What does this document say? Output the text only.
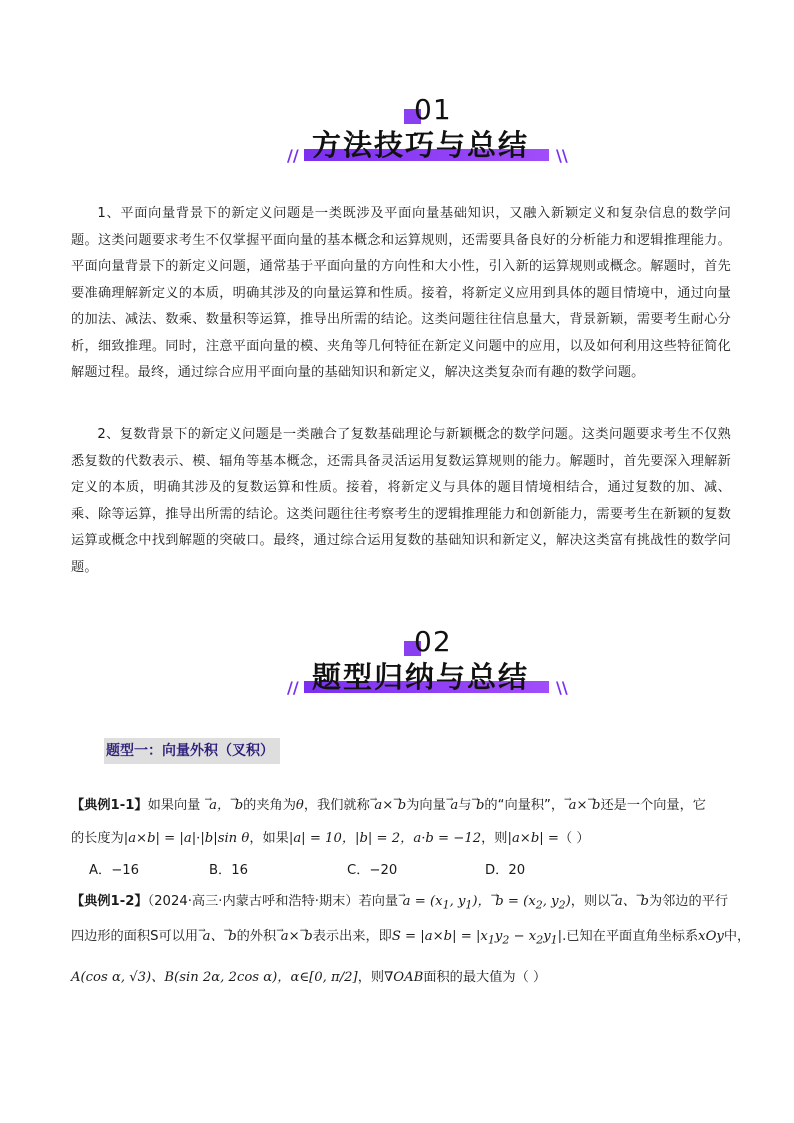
01
// 方法技巧与总结 \\
1、平面向量背景下的新定义问题是一类既涉及平面向量基础知识，又融入新颖定义和复杂信息的数学问题。这类问题要求考生不仅掌握平面向量的基本概念和运算规则，还需要具备良好的分析能力和逻辑推理能力。平面向量背景下的新定义问题，通常基于平面向量的方向性和大小性，引入新的运算规则或概念。解题时，首先要准确理解新定义的本质，明确其涉及的向量运算和性质。接着，将新定义应用到具体的题目情境中，通过向量的加法、减法、数乘、数量积等运算，推导出所需的结论。这类问题往往信息量大，背景新颖，需要考生耐心分析，细致推理。同时，注意平面向量的模、夹角等几何特征在新定义问题中的应用，以及如何利用这些特征简化解题过程。最终，通过综合应用平面向量的基础知识和新定义，解决这类复杂而有趣的数学问题。
2、复数背景下的新定义问题是一类融合了复数基础理论与新颖概念的数学问题。这类问题要求考生不仅熟悉复数的代数表示、模、辐角等基本概念，还需具备灵活运用复数运算规则的能力。解题时，首先要深入理解新定义的本质，明确其涉及的复数运算和性质。接着，将新定义与具体的题目情境相结合，通过复数的加、减、乘、除等运算，推导出所需的结论。这类问题往往考察考生的逻辑推理能力和创新能力，需要考生在新颖的复数运算或概念中找到解题的突破口。最终，通过综合运用复数的基础知识和新定义，解决这类富有挑战性的数学问题。
02
// 题型归纳与总结 \\
题型一：向量外积（叉积）
【典例1-1】如果向量 →a，→b的夹角为θ，我们就称→a×→b为向量→a与→b的“向量积”，→a×→b还是一个向量，它
的长度为|a×b| = |a|·|b|sin θ，如果|a| = 10，|b| = 2，a·b = −12，则|a×b| =（ ）
A．−16	B．16	C．−20	D．20
【典例1-2】（2024·高三·内蒙古呼和浩特·期末）若向量$^\to a = (x_1$, $y_1$)，$^\to b = (x_2$, $y_2$)，则以→a、→b为邻边的平行
四边形的面积S可以用→a、→b的外积→a×→b表示出来，即$S = |a\times b| = |x_1y_2 - x_2y_1|$.已知在平面直角坐标系xOy中，
A(cos α, √3)、B(sin 2α, 2cos α)，α∈[0, π/2]，则∇OAB面积的最大值为（ ）
